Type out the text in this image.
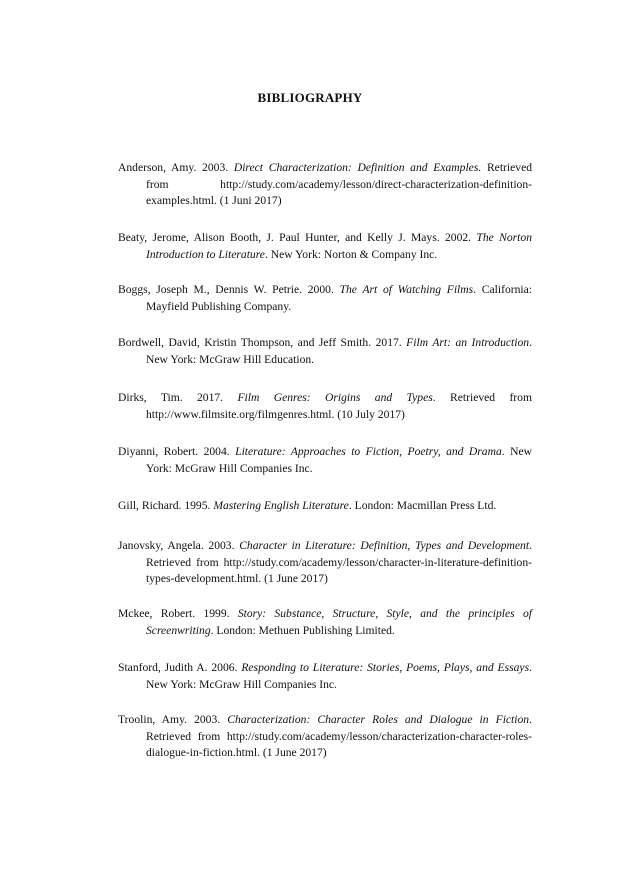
BIBLIOGRAPHY

Anderson, Amy. 2003. Direct Characterization: Definition and Examples. Retrieved from http://study.com/academy/lesson/direct-characterization-definition-examples.html. (1 Juni 2017)

Beaty, Jerome, Alison Booth, J. Paul Hunter, and Kelly J. Mays. 2002. The Norton Introduction to Literature. New York: Norton & Company Inc.

Boggs, Joseph M., Dennis W. Petrie. 2000. The Art of Watching Films. California: Mayfield Publishing Company.

Bordwell, David, Kristin Thompson, and Jeff Smith. 2017. Film Art: an Introduction. New York: McGraw Hill Education.

Dirks, Tim. 2017. Film Genres: Origins and Types. Retrieved from http://www.filmsite.org/filmgenres.html. (10 July 2017)

Diyanni, Robert. 2004. Literature: Approaches to Fiction, Poetry, and Drama. New York: McGraw Hill Companies Inc.

Gill, Richard. 1995. Mastering English Literature. London: Macmillan Press Ltd.

Janovsky, Angela. 2003. Character in Literature: Definition, Types and Development. Retrieved from http://study.com/academy/lesson/character-in-literature-definition-types-development.html. (1 June 2017)

Mckee, Robert. 1999. Story: Substance, Structure, Style, and the principles of Screenwriting. London: Methuen Publishing Limited.

Stanford, Judith A. 2006. Responding to Literature: Stories, Poems, Plays, and Essays. New York: McGraw Hill Companies Inc.

Troolin, Amy. 2003. Characterization: Character Roles and Dialogue in Fiction. Retrieved from http://study.com/academy/lesson/characterization-character-roles-dialogue-in-fiction.html. (1 June 2017)
